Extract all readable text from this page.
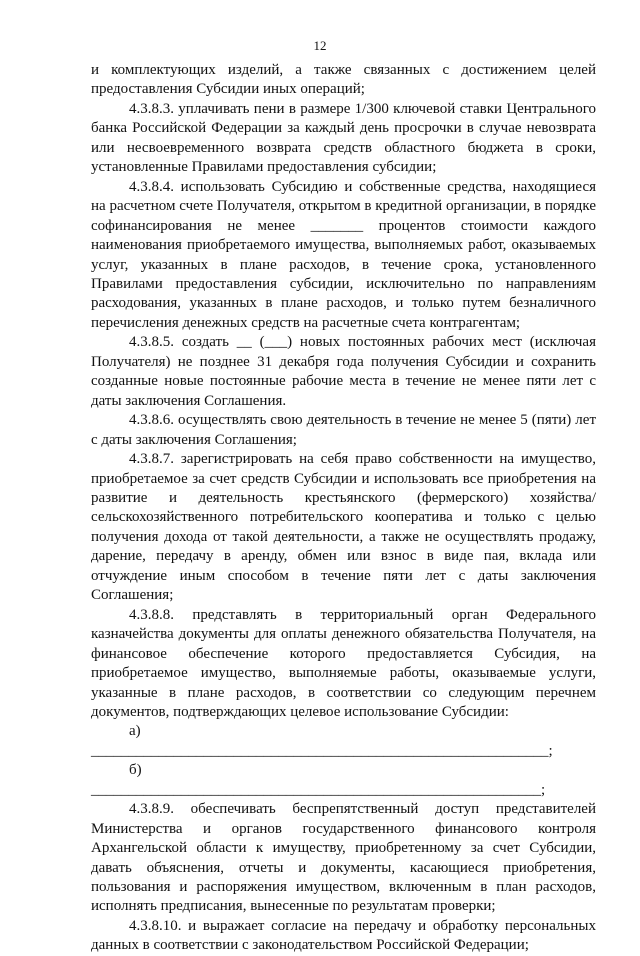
12

и комплектующих изделий, а также связанных с достижением целей предоставления Субсидии иных операций;

4.3.8.3. уплачивать пени в размере 1/300 ключевой ставки Центрального банка Российской Федерации за каждый день просрочки в случае невозврата или несвоевременного возврата средств областного бюджета в сроки, установленные Правилами предоставления субсидии;

4.3.8.4. использовать Субсидию и собственные средства, находящиеся на расчетном счете Получателя, открытом в кредитной организации, в порядке софинансирования не менее _______ процентов стоимости каждого наименования приобретаемого имущества, выполняемых работ, оказываемых услуг, указанных в плане расходов, в течение срока, установленного Правилами предоставления субсидии, исключительно по направлениям расходования, указанных в плане расходов, и только путем безналичного перечисления денежных средств на расчетные счета контрагентам;

4.3.8.5. создать __ (___) новых постоянных рабочих мест (исключая Получателя) не позднее 31 декабря года получения Субсидии и сохранить созданные новые постоянные рабочие места в течение не менее пяти лет с даты заключения Соглашения.

4.3.8.6. осуществлять свою деятельность в течение не менее 5 (пяти) лет с даты заключения Соглашения;

4.3.8.7. зарегистрировать на себя право собственности на имущество, приобретаемое за счет средств Субсидии и использовать все приобретения на развитие и деятельность крестьянского (фермерского) хозяйства/сельскохозяйственного потребительского кооператива и только с целью получения дохода от такой деятельности, а также не осуществлять продажу, дарение, передачу в аренду, обмен или взнос в виде пая, вклада или отчуждение иным способом в течение пяти лет с даты заключения Соглашения;

4.3.8.8. представлять в территориальный орган Федерального казначейства документы для оплаты денежного обязательства Получателя, на финансовое обеспечение которого предоставляется Субсидия, на приобретаемое имущество, выполняемые работы, оказываемые услуги, указанные в плане расходов, в соответствии со следующим перечнем документов, подтверждающих целевое использование Субсидии:

а) _____________________________________________________________;

б) ____________________________________________________________;

4.3.8.9. обеспечивать беспрепятственный доступ представителей Министерства и органов государственного финансового контроля Архангельской области к имуществу, приобретенному за счет Субсидии, давать объяснения, отчеты и документы, касающиеся приобретения, пользования и распоряжения имуществом, включенным в план расходов, исполнять предписания, вынесенные по результатам проверки;

4.3.8.10. и выражает согласие на передачу и обработку персональных данных в соответствии с законодательством Российской Федерации;
